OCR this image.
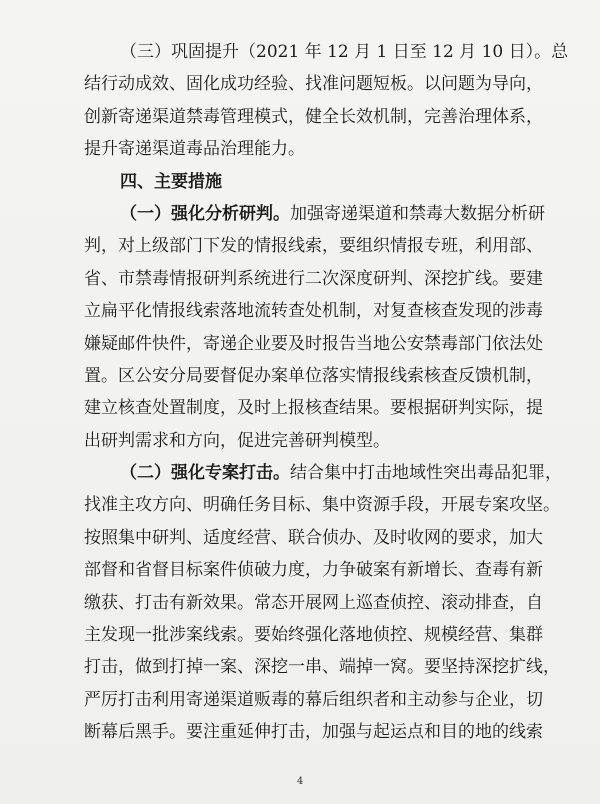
（三）巩固提升（2021 年 12 月 1 日至 12 月 10 日）。总
结行动成效、固化成功经验、找准问题短板。以问题为导向，
创新寄递渠道禁毒管理模式，健全长效机制，完善治理体系，
提升寄递渠道毒品治理能力。
四、主要措施
（一）强化分析研判。加强寄递渠道和禁毒大数据分析研
判，对上级部门下发的情报线索，要组织情报专班，利用部、
省、市禁毒情报研判系统进行二次深度研判、深挖扩线。要建
立扁平化情报线索落地流转查处机制，对复查核查发现的涉毒
嫌疑邮件快件，寄递企业要及时报告当地公安禁毒部门依法处
置。区公安分局要督促办案单位落实情报线索核查反馈机制，
建立核查处置制度，及时上报核查结果。要根据研判实际，提
出研判需求和方向，促进完善研判模型。
（二）强化专案打击。结合集中打击地域性突出毒品犯罪，
找准主攻方向、明确任务目标、集中资源手段，开展专案攻坚。
按照集中研判、适度经营、联合侦办、及时收网的要求，加大
部督和省督目标案件侦破力度，力争破案有新增长、查毒有新
缴获、打击有新效果。常态开展网上巡查侦控、滚动排查，自
主发现一批涉案线索。要始终强化落地侦控、规模经营、集群
打击，做到打掉一案、深挖一串、端掉一窝。要坚持深挖扩线，
严厉打击利用寄递渠道贩毒的幕后组织者和主动参与企业，切
断幕后黑手。要注重延伸打击，加强与起运点和目的地的线索
4
